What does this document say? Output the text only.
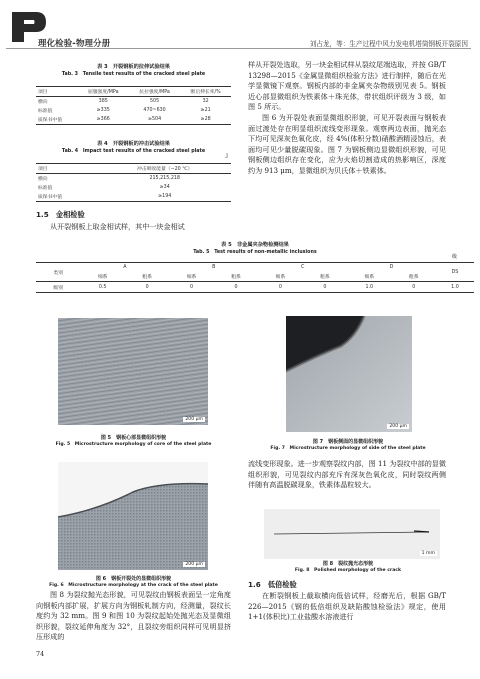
理化检验-物理分册	刘占龙，等：生产过程中风力发电机塔筒钢板开裂原因
表 3　开裂钢板的拉伸试验结果
Tab. 3　Tensile test results of the cracked steel plate
项目	屈服强度/MPa	抗拉强度/MPa	断后伸长率/%
横向	385	505	32
标准值	≥335	470~630	≥21
质保书中值	≥366	≥504	≥28
表 4　开裂钢板的冲击试验结果
Tab. 4　Impact test results of the cracked steel plate
J
项目	冲击吸收能量（−20 ℃）
横向	215,215,218
标准值	≥34
质保书中值	≥194
1.5　金相检验

从开裂钢板上取金相试样，其中一块金相试

样从开裂处选取，另一块金相试样从裂纹尾端选取，并按 GB/T 13298—2015《金属显微组织检验方法》进行制样，随后在光学显微镜下观察。钢板内部的非金属夹杂物级别见表 5。钢板近心部显微组织为铁素体＋珠光体，带状组织评级为 3 级，如图 5 所示。

图 6 为开裂处表面显微组织形貌，可见开裂表面与钢板表面过渡处存在明显组织流线变形现象。观察两边表面，抛光态下均可见深灰色氧化皮，经 4%(体积分数)硝酸酒精浸蚀后，表面均可见少量脱碳现象。图 7 为钢板侧边显微组织形貌，可见钢板侧边组织存在变化，应为火焰切割造成的热影响区，深度约为 913 μm，显微组织为贝氏体＋铁素体。

表 5　非金属夹杂物检测结果
Tab. 5　Test results of non-metallic inclusions
级
类别	A		B		C		D		DS
	细系	粗系	细系	粗系	细系	粗系	细系	粗系	
级别	0.5	0	0	0	0	0	1.0	0	1.0
200 μm
图 5　钢板心部显微组织形貌
Fig. 5　Microstructure morphology of core of the steel plate
200 μm
图 7　钢板侧面的显微组织形貌
Fig. 7　Microstructure morphology of side of the steel plate

流线变形现象。进一步观察裂纹内部，图 11 为裂纹中部的显微组织形貌，可见裂纹内部充斥有深灰色氧化皮，同时裂纹两侧伴随有高温脱碳现象，铁素体晶粒较大。

200 μm
图 6　钢板开裂处的显微组织形貌
Fig. 6　Microstructure morphology at the crack of the steel plate
1 mm
图 8　裂纹抛光态形貌
Fig. 8　Polished morphology of the crack

图 8 为裂纹抛光态形貌，可见裂纹由钢板表面呈一定角度向钢板内部扩展，扩展方向为钢板轧制方向，经测量，裂纹长度约为 32 mm。图 9 和图 10 为裂纹起始处抛光态及显微组织形貌，裂纹延伸角度为 32°，且裂纹旁组织同样可见明显挤压形成的

1.6　低倍检验

在断裂钢板上截取横向低倍试样，经磨光后，根据 GB/T 226—2015《钢的低倍组织及缺陷酸蚀检验法》规定，使用 1+1(体积比)工业盐酸水溶液进行

74
